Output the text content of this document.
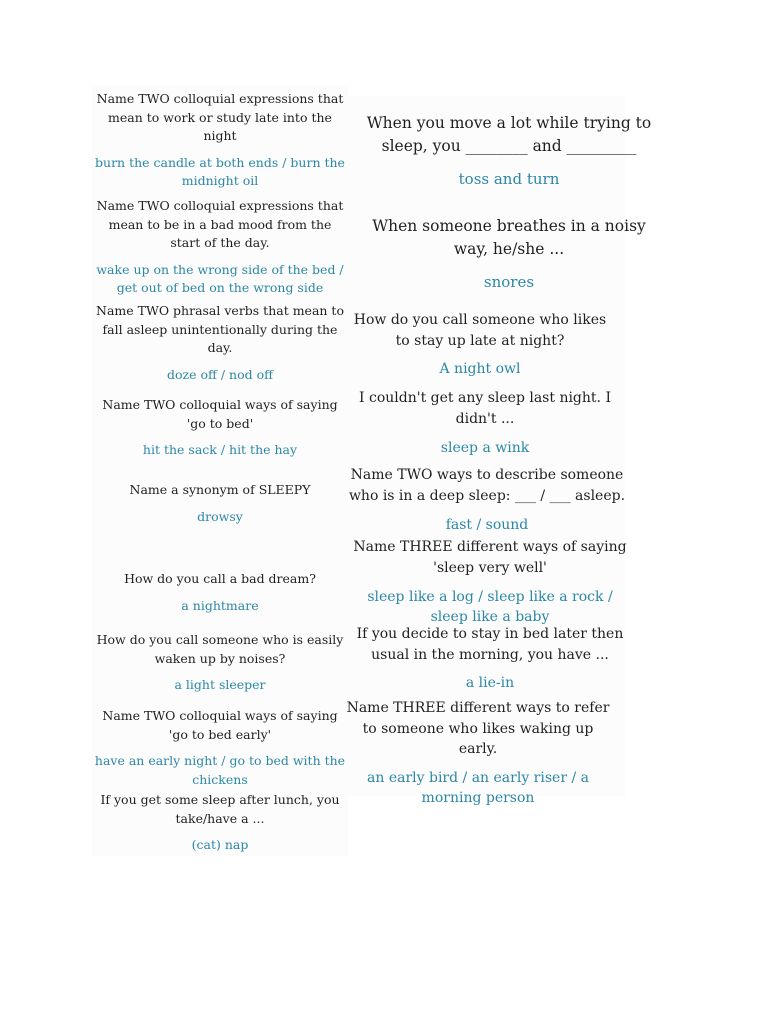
Name TWO colloquial expressions that mean to work or study late into the night
burn the candle at both ends / burn the midnight oil
Name TWO colloquial expressions that mean to be in a bad mood from the start of the day.
wake up on the wrong side of the bed / get out of bed on the wrong side
Name TWO phrasal verbs that mean to fall asleep unintentionally during the day.
doze off / nod off
Name TWO colloquial ways of saying 'go to bed'
hit the sack / hit the hay
Name a synonym of SLEEPY
drowsy
How do you call a bad dream?
a nightmare
How do you call someone who is easily waken up by noises?
a light sleeper
Name TWO colloquial ways of saying 'go to bed early'
have an early night / go to bed with the chickens
If you get some sleep after lunch, you take/have a ...
(cat) nap
When you move a lot while trying to sleep, you ________ and _________
toss and turn
When someone breathes in a noisy way, he/she ...
snores
How do you call someone who likes to stay up late at night?
A night owl
I couldn't get any sleep last night. I didn't ...
sleep a wink
Name TWO ways to describe someone who is in a deep sleep: ___ / ___ asleep.
fast / sound
Name THREE different ways of saying 'sleep very well'
sleep like a log / sleep like a rock / sleep like a baby
If you decide to stay in bed later then usual in the morning, you have ...
a lie-in
Name THREE different ways to refer to someone who likes waking up early.
an early bird / an early riser / a morning person
